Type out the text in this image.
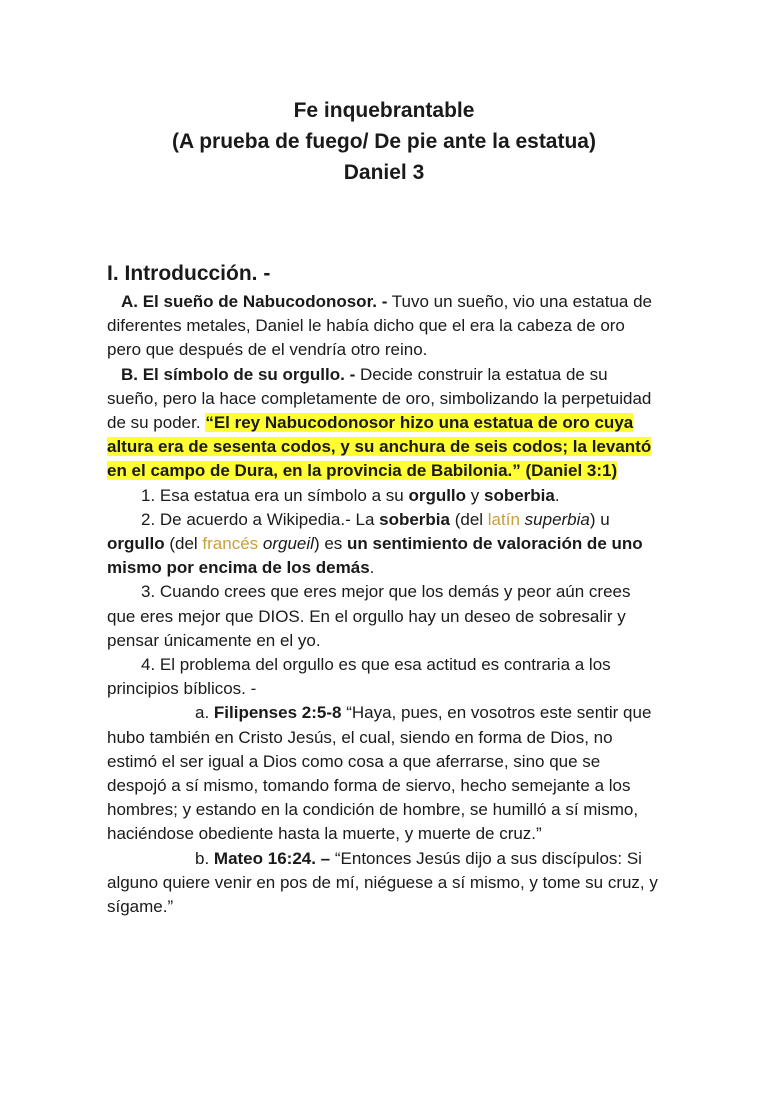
Fe inquebrantable
(A prueba de fuego/ De pie ante la estatua)
Daniel 3
I. Introducción. -

A. El sueño de Nabucodonosor. - Tuvo un sueño, vio una estatua de diferentes metales, Daniel le había dicho que el era la cabeza de oro pero que después de el vendría otro reino.

B. El símbolo de su orgullo. - Decide construir la estatua de su sueño, pero la hace completamente de oro, simbolizando la perpetuidad de su poder. “El rey Nabucodonosor hizo una estatua de oro cuya altura era de sesenta codos, y su anchura de seis codos; la levantó en el campo de Dura, en la provincia de Babilonia.” (Daniel 3:1)

1. Esa estatua era un símbolo a su orgullo y soberbia.

2. De acuerdo a Wikipedia.- La soberbia (del latín superbia) u orgullo (del francés orgueil) es un sentimiento de valoración de uno mismo por encima de los demás.

3. Cuando crees que eres mejor que los demás y peor aún crees que eres mejor que DIOS. En el orgullo hay un deseo de sobresalir y pensar únicamente en el yo.

4. El problema del orgullo es que esa actitud es contraria a los principios bíblicos. -

a. Filipenses 2:5-8 “Haya, pues, en vosotros este sentir que hubo también en Cristo Jesús, el cual, siendo en forma de Dios, no estimó el ser igual a Dios como cosa a que aferrarse, sino que se despojó a sí mismo, tomando forma de siervo, hecho semejante a los hombres; y estando en la condición de hombre, se humilló a sí mismo, haciéndose obediente hasta la muerte, y muerte de cruz.”

b. Mateo 16:24. – “Entonces Jesús dijo a sus discípulos: Si alguno quiere venir en pos de mí, niéguese a sí mismo, y tome su cruz, y sígame.”
